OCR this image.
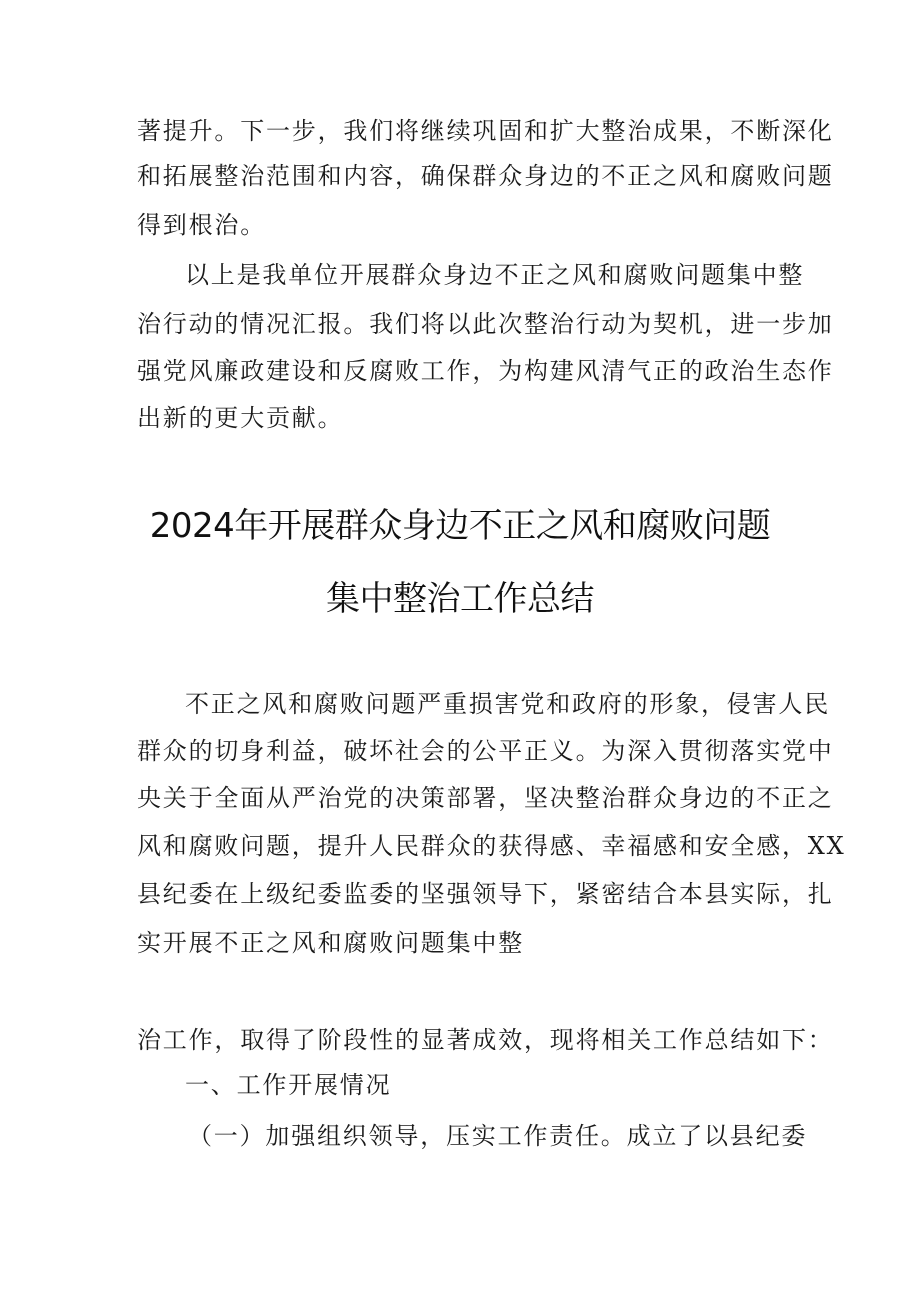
著提升。下一步，我们将继续巩固和扩大整治成果，不断深化
和拓展整治范围和内容，确保群众身边的不正之风和腐败问题
得到根治。
以上是我单位开展群众身边不正之风和腐败问题集中整
治行动的情况汇报。我们将以此次整治行动为契机，进一步加
强党风廉政建设和反腐败工作，为构建风清气正的政治生态作
出新的更大贡献。
2024年开展群众身边不正之风和腐败问题
集中整治工作总结
不正之风和腐败问题严重损害党和政府的形象，侵害人民
群众的切身利益，破坏社会的公平正义。为深入贯彻落实党中
央关于全面从严治党的决策部署，坚决整治群众身边的不正之
风和腐败问题，提升人民群众的获得感、幸福感和安全感，XX
县纪委在上级纪委监委的坚强领导下，紧密结合本县实际，扎
实开展不正之风和腐败问题集中整
治工作，取得了阶段性的显著成效，现将相关工作总结如下：
一、工作开展情况
（一）加强组织领导，压实工作责任。成立了以县纪委
